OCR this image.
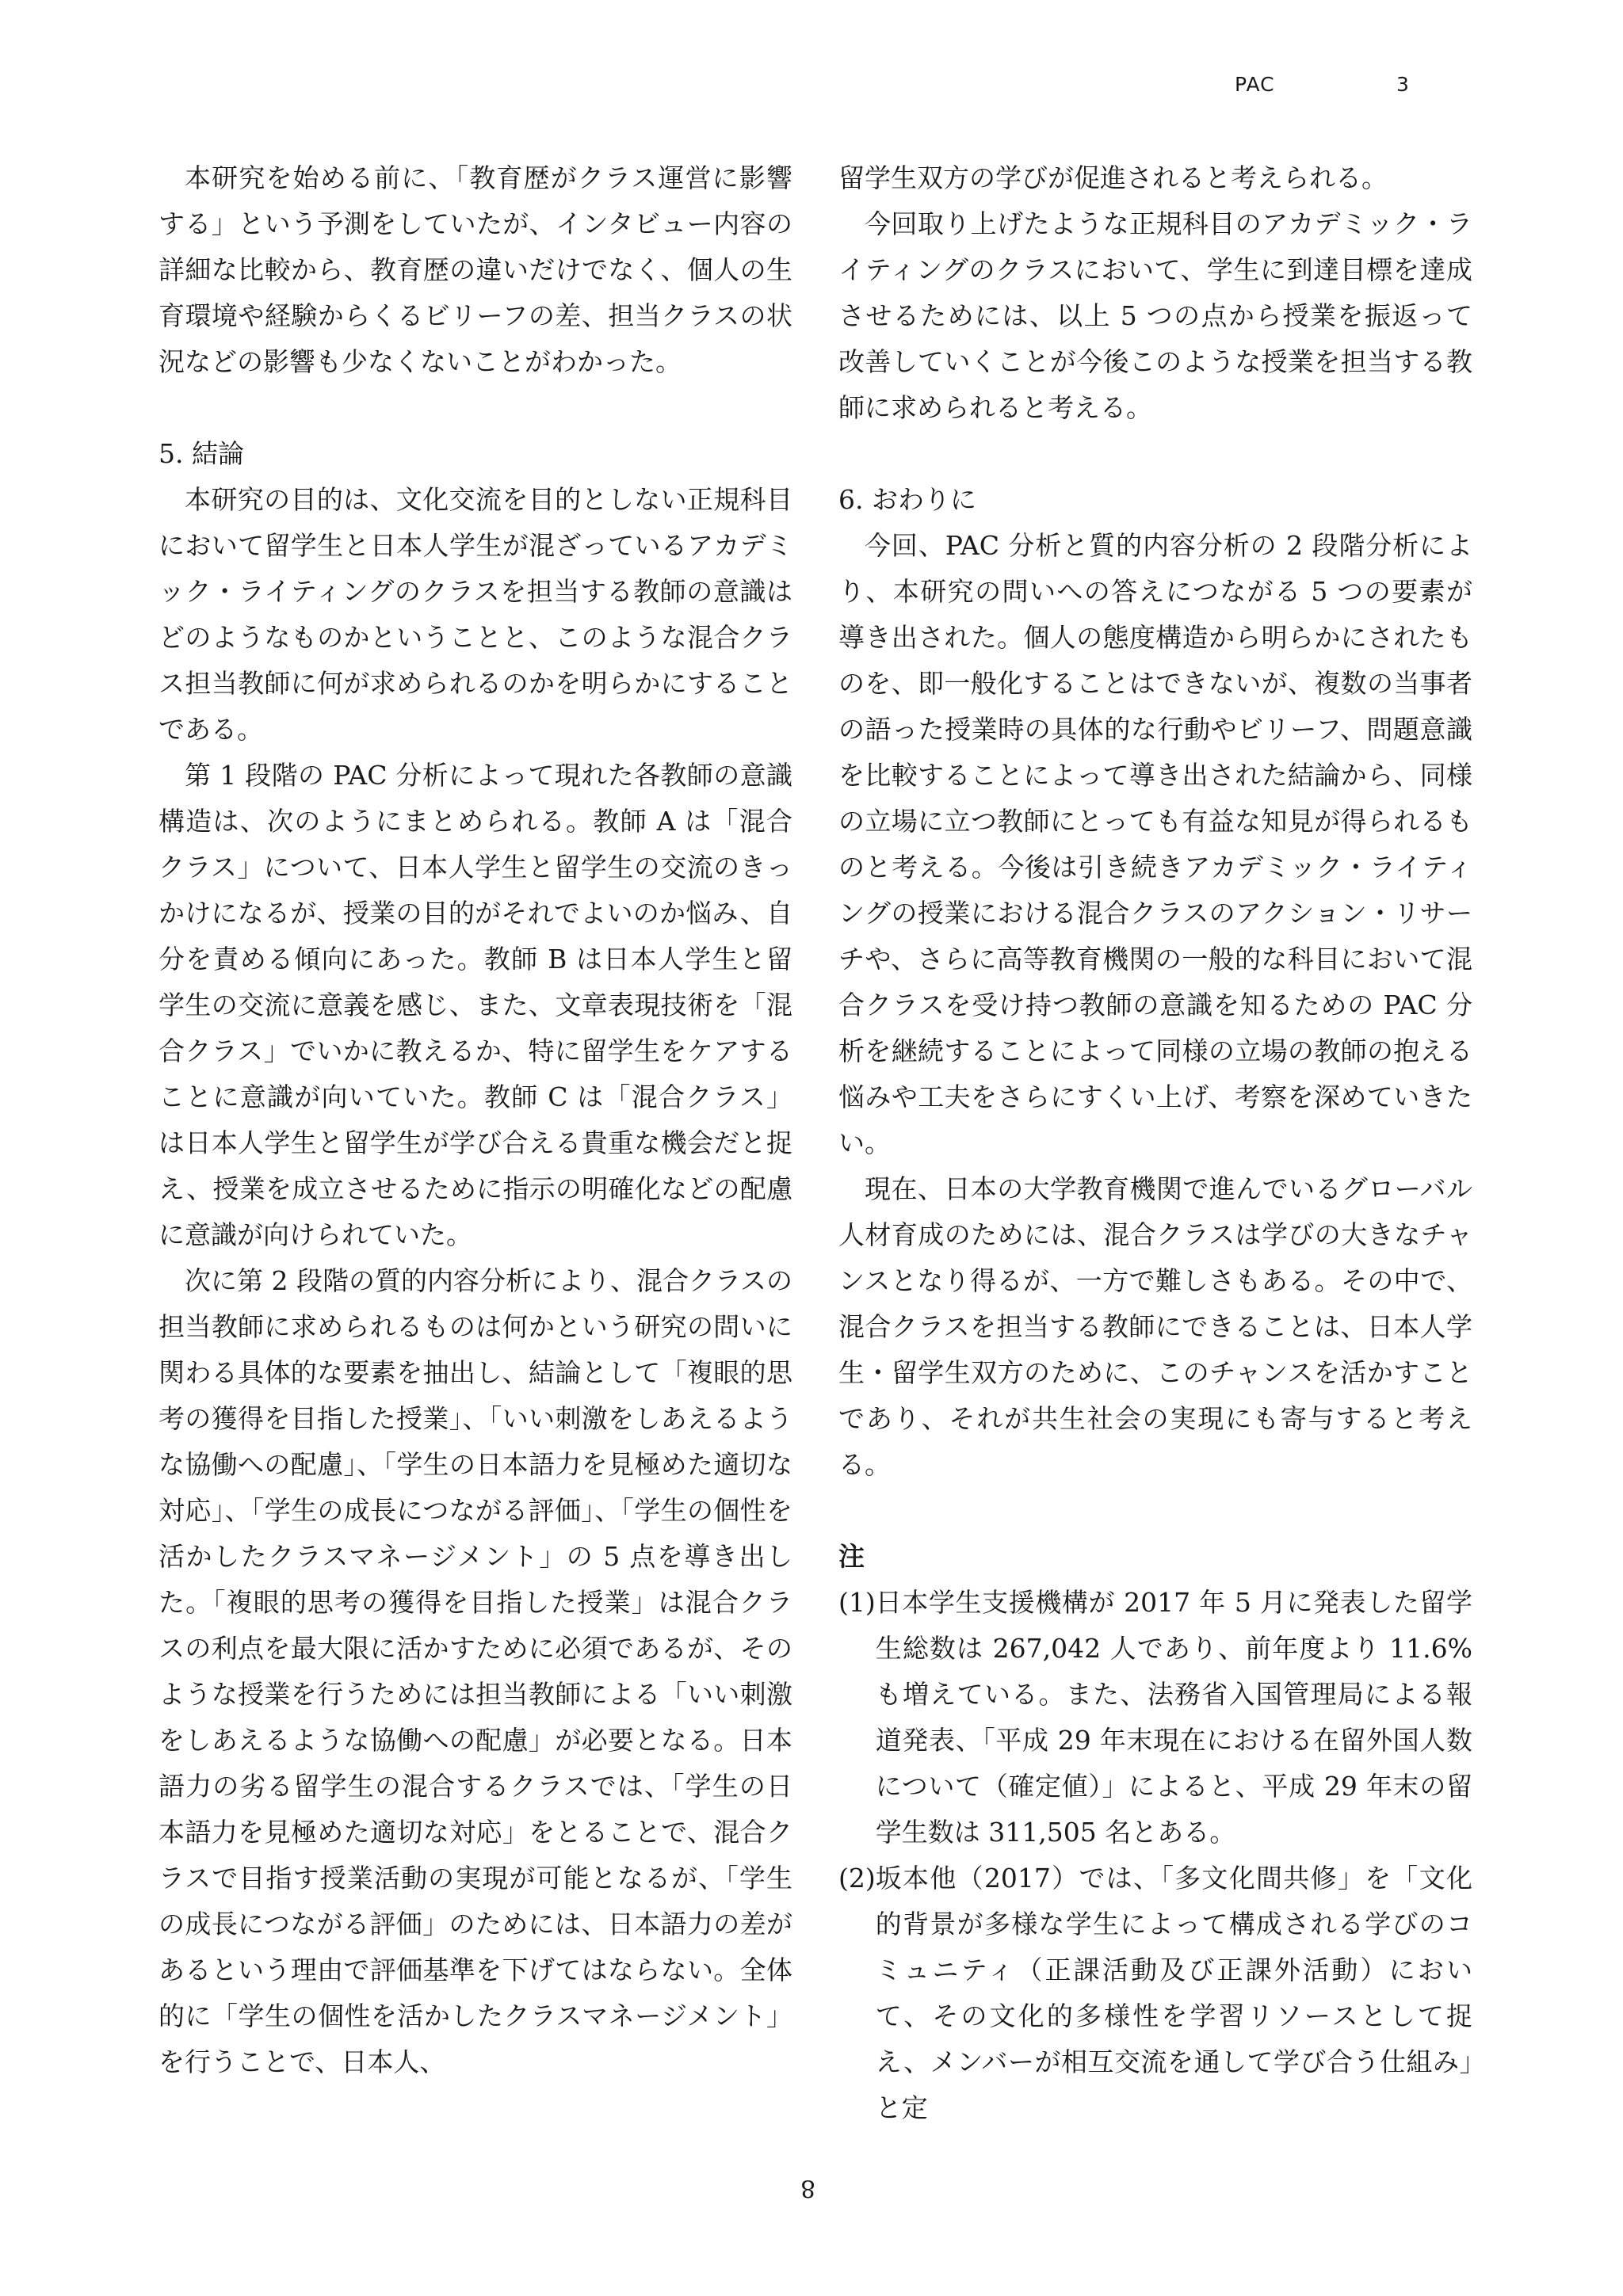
PAC	3

本研究を始める前に、「教育歴がクラス運営に影響する」という予測をしていたが、インタビュー内容の詳細な比較から、教育歴の違いだけでなく、個人の生育環境や経験からくるビリーフの差、担当クラスの状況などの影響も少なくないことがわかった。

5. 結論

本研究の目的は、文化交流を目的としない正規科目において留学生と日本人学生が混ざっているアカデミック・ライティングのクラスを担当する教師の意識はどのようなものかということと、このような混合クラス担当教師に何が求められるのかを明らかにすることである。

第 1 段階の PAC 分析によって現れた各教師の意識構造は、次のようにまとめられる。教師 A は「混合クラス」について、日本人学生と留学生の交流のきっかけになるが、授業の目的がそれでよいのか悩み、自分を責める傾向にあった。教師 B は日本人学生と留学生の交流に意義を感じ、また、文章表現技術を「混合クラス」でいかに教えるか、特に留学生をケアすることに意識が向いていた。教師 C は「混合クラス」は日本人学生と留学生が学び合える貴重な機会だと捉え、授業を成立させるために指示の明確化などの配慮に意識が向けられていた。

次に第 2 段階の質的内容分析により、混合クラスの担当教師に求められるものは何かという研究の問いに関わる具体的な要素を抽出し、結論として「複眼的思考の獲得を目指した授業」、「いい刺激をしあえるような協働への配慮」、「学生の日本語力を見極めた適切な対応」、「学生の成長につながる評価」、「学生の個性を活かしたクラスマネージメント」の 5 点を導き出した。「複眼的思考の獲得を目指した授業」は混合クラスの利点を最大限に活かすために必須であるが、そのような授業を行うためには担当教師による「いい刺激をしあえるような協働への配慮」が必要となる。日本語力の劣る留学生の混合するクラスでは、「学生の日本語力を見極めた適切な対応」をとることで、混合クラスで目指す授業活動の実現が可能となるが、「学生の成長につながる評価」のためには、日本語力の差があるという理由で評価基準を下げてはならない。全体的に「学生の個性を活かしたクラスマネージメント」を行うことで、日本人、

留学生双方の学びが促進されると考えられる。

今回取り上げたような正規科目のアカデミック・ライティングのクラスにおいて、学生に到達目標を達成させるためには、以上 5 つの点から授業を振返って改善していくことが今後このような授業を担当する教師に求められると考える。

6. おわりに

今回、PAC 分析と質的内容分析の 2 段階分析により、本研究の問いへの答えにつながる 5 つの要素が導き出された。個人の態度構造から明らかにされたものを、即一般化することはできないが、複数の当事者の語った授業時の具体的な行動やビリーフ、問題意識を比較することによって導き出された結論から、同様の立場に立つ教師にとっても有益な知見が得られるものと考える。今後は引き続きアカデミック・ライティングの授業における混合クラスのアクション・リサーチや、さらに高等教育機関の一般的な科目において混合クラスを受け持つ教師の意識を知るための PAC 分析を継続することによって同様の立場の教師の抱える悩みや工夫をさらにすくい上げ、考察を深めていきたい。

現在、日本の大学教育機関で進んでいるグローバル人材育成のためには、混合クラスは学びの大きなチャンスとなり得るが、一方で難しさもある。その中で、混合クラスを担当する教師にできることは、日本人学生・留学生双方のために、このチャンスを活かすことであり、それが共生社会の実現にも寄与すると考える。

注

(1) 日本学生支援機構が 2017 年 5 月に発表した留学生総数は 267,042 人であり、前年度より 11.6% も増えている。また、法務省入国管理局による報道発表、「平成 29 年末現在における在留外国人数について（確定値）」によると、平成 29 年末の留学生数は 311,505 名とある。
(2) 坂本他（2017）では、「多文化間共修」を「文化的背景が多様な学生によって構成される学びのコミュニティ（正課活動及び正課外活動）において、その文化的多様性を学習リソースとして捉え、メンバーが相互交流を通して学び合う仕組み」と定
8
